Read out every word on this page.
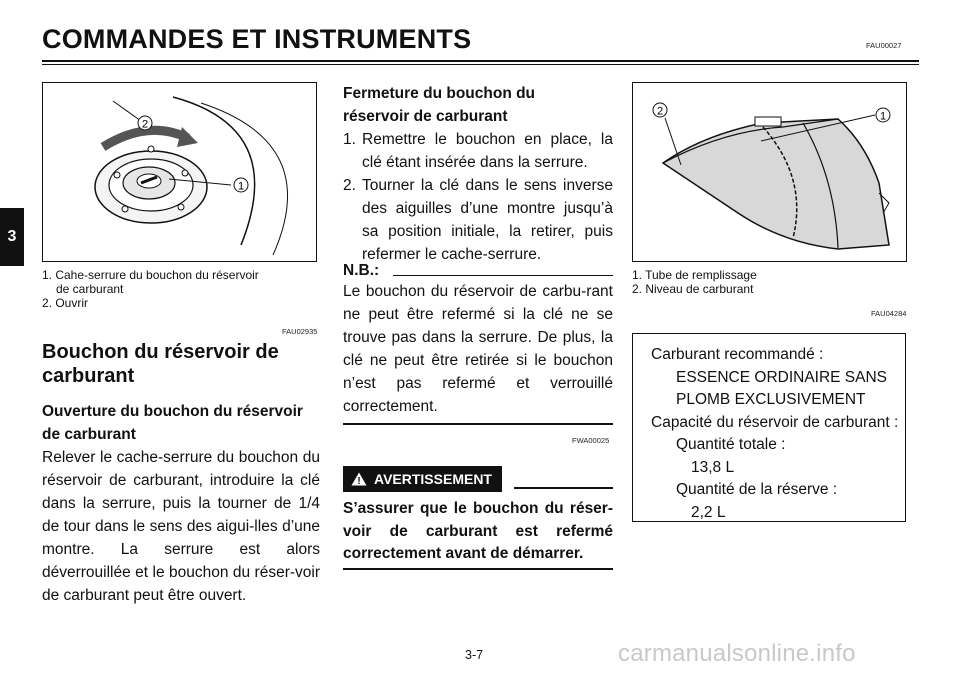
COMMANDES ET INSTRUMENTS	FAU00027
3
2
1
1. Cahe-serrure du bouchon du réservoir
de carburant
2. Ouvrir
FAU02935
Bouchon du réservoir de
carburant
Ouverture du bouchon du réservoir
de carburant
Relever le cache-serrure du bouchon du réservoir de carburant, introduire la clé dans la serrure, puis la tourner de 1/4 de tour dans le sens des aigui-lles d’une montre. La serrure est alors déverrouillée et le bouchon du réser-voir de carburant peut être ouvert.
Fermeture du bouchon du
réservoir de carburant
1. Remettre le bouchon en place, la clé étant insérée dans la serrure.
2. Tourner la clé dans le sens inverse des aiguilles d’une montre jusqu’à sa position initiale, la retirer, puis refermer le cache-serrure.
N.B.:
Le bouchon du réservoir de carbu-rant ne peut être refermé si la clé ne se trouve pas dans la serrure. De plus, la clé ne peut être retirée si le bouchon n’est pas refermé et verrouillé correctement.
FWA00025
! AVERTISSEMENT
S’assurer que le bouchon du réser-voir de carburant est refermé correctement avant de démarrer.
2	1
1. Tube de remplissage
2. Niveau de carburant
FAU04284
Carburant recommandé :
ESSENCE ORDINAIRE SANS
PLOMB EXCLUSIVEMENT
Capacité du réservoir de carburant :
Quantité totale :
13,8 L
Quantité de la réserve :
2,2 L
3-7	carmanualsonline.info
